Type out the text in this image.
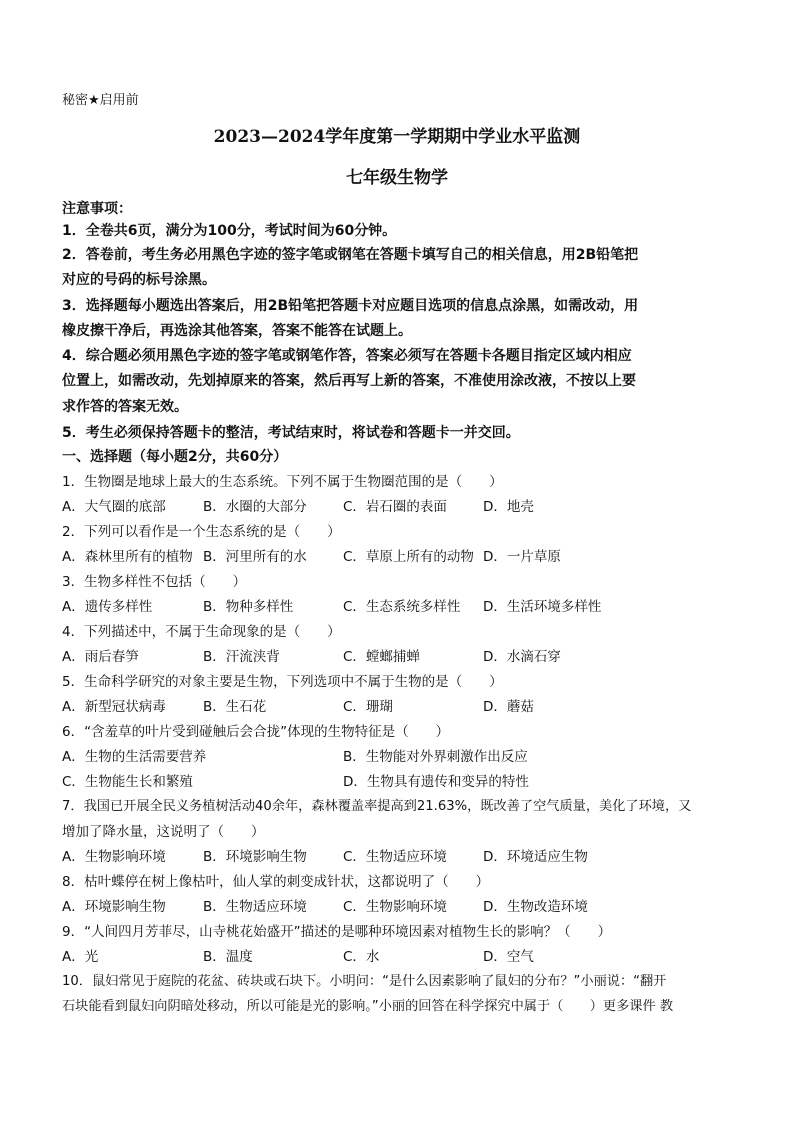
秘密★启用前
2023—2024学年度第一学期期中学业水平监测
七年级生物学
注意事项：
1．全卷共6页，满分为100分，考试时间为60分钟。
2．答卷前，考生务必用黑色字迹的签字笔或钢笔在答题卡填写自己的相关信息，用2B铅笔把
对应的号码的标号涂黑。
3．选择题每小题选出答案后，用2B铅笔把答题卡对应题目选项的信息点涂黑，如需改动，用
橡皮擦干净后，再选涂其他答案，答案不能答在试题上。
4．综合题必须用黑色字迹的签字笔或钢笔作答，答案必须写在答题卡各题目指定区域内相应
位置上，如需改动，先划掉原来的答案，然后再写上新的答案，不准使用涂改液，不按以上要
求作答的答案无效。
5．考生必须保持答题卡的整洁，考试结束时，将试卷和答题卡一并交回。
一、选择题（每小题2分，共60分）
1．生物圈是地球上最大的生态系统。下列不属于生物圈范围的是（　　）
A．大气圈的底部	B．水圈的大部分	C．岩石圈的表面	D．地壳
2．下列可以看作是一个生态系统的是（　　）
A．森林里所有的植物 B．河里所有的水	C．草原上所有的动物 D．一片草原
3．生物多样性不包括（　　）
A．遗传多样性	B．物种多样性	C．生态系统多样性 D．生活环境多样性
4．下列描述中，不属于生命现象的是（　　）
A．雨后春笋	B．汗流浃背	C．螳螂捕蝉	D．水滴石穿
5．生命科学研究的对象主要是生物，下列选项中不属于生物的是（　　）
A．新型冠状病毒	B．生石花	C．珊瑚	D．蘑菇
6．“含羞草的叶片受到碰触后会合拢”体现的生物特征是（　　）
A．生物的生活需要营养	B．生物能对外界刺激作出反应
C．生物能生长和繁殖	D．生物具有遗传和变异的特性
7．我国已开展全民义务植树活动40余年，森林覆盖率提高到21.63%，既改善了空气质量，美化了环境，又
增加了降水量，这说明了（　　）
A．生物影响环境	B．环境影响生物	C．生物适应环境	D．环境适应生物
8．枯叶蝶停在树上像枯叶，仙人掌的刺变成针状，这都说明了（　　）
A．环境影响生物	B．生物适应环境	C．生物影响环境	D．生物改造环境
9．“人间四月芳菲尽，山寺桃花始盛开”描述的是哪种环境因素对植物生长的影响？（　　）
A．光	B．温度	C．水	D．空气
10．鼠妇常见于庭院的花盆、砖块或石块下。小明问：“是什么因素影响了鼠妇的分布？”小丽说：“翻开
石块能看到鼠妇向阴暗处移动，所以可能是光的影响。”小丽的回答在科学探究中属于（　　）更多课件 教
